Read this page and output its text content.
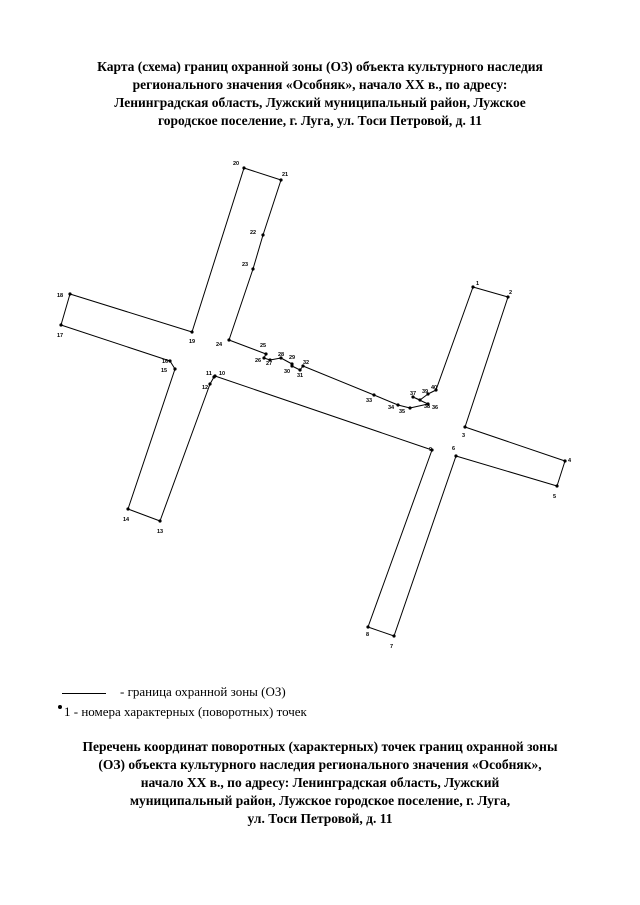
Карта (схема) границ охранной зоны (ОЗ) объекта культурного наследия
регионального значения «Особняк», начало XX в., по адресу:
Ленинградская область, Лужский муниципальный район, Лужское
городское поселение, г. Луга, ул. Тоси Петровой, д. 11
1
2
3
4
5
6
7
8
9
10
11
12
13
14
15
16
17
18
19
20
21
22
23
24	25
26 27
28 29
30
31
32
33
34
35
36
37
38
39
40
- граница охранной зоны (ОЗ)
1 - номера характерных (поворотных) точек
Перечень координат поворотных (характерных) точек границ охранной зоны
(ОЗ) объекта культурного наследия регионального значения «Особняк»,
начало XX в., по адресу: Ленинградская область, Лужский
муниципальный район, Лужское городское поселение, г. Луга,
ул. Тоси Петровой, д. 11
